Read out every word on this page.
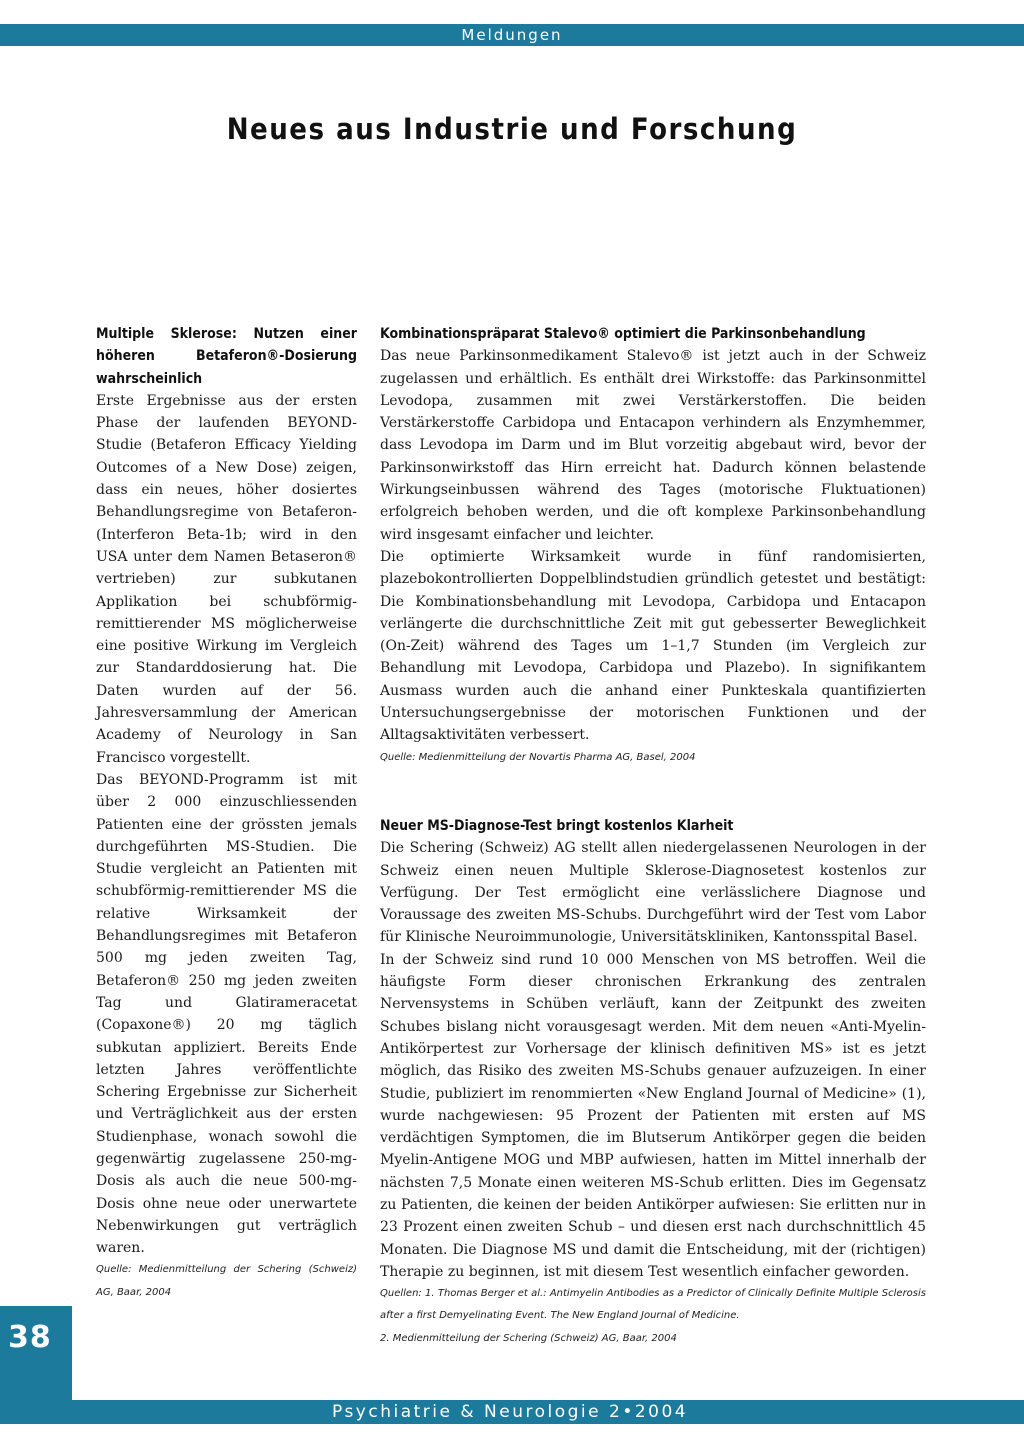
Meldungen
Neues aus Industrie und Forschung

Multiple Sklerose: Nutzen einer höheren Betaferon®-Dosierung wahrscheinlich

Erste Ergebnisse aus der ersten Phase der laufenden BEYOND-Studie (Betaferon Efficacy Yielding Outcomes of a New Dose) zeigen, dass ein neues, höher dosiertes Behandlungsregime von Betaferon-(Interferon Beta-1b; wird in den USA unter dem Namen Betaseron® vertrieben) zur subkutanen Applikation bei schubförmig-remittierender MS möglicherweise eine positive Wirkung im Vergleich zur Standarddosierung hat. Die Daten wurden auf der 56. Jahresversammlung der American Academy of Neurology in San Francisco vorgestellt.

Das BEYOND-Programm ist mit über 2 000 einzuschliessenden Patienten eine der grössten jemals durchgeführten MS-Studien. Die Studie vergleicht an Patienten mit schubförmig-remittierender MS die relative Wirksamkeit der Behandlungsregimes mit Betaferon 500 mg jeden zweiten Tag, Betaferon® 250 mg jeden zweiten Tag und Glatirameracetat (Copaxone®) 20 mg täglich subkutan appliziert. Bereits Ende letzten Jahres veröffentlichte Schering Ergebnisse zur Sicherheit und Verträglichkeit aus der ersten Studienphase, wonach sowohl die gegenwärtig zugelassene 250-mg-Dosis als auch die neue 500-mg-Dosis ohne neue oder unerwartete Nebenwirkungen gut verträglich waren.

Quelle: Medienmitteilung der Schering (Schweiz) AG, Baar, 2004

Kombinationspräparat Stalevo® optimiert die Parkinsonbehandlung

Das neue Parkinsonmedikament Stalevo® ist jetzt auch in der Schweiz zugelassen und erhältlich. Es enthält drei Wirkstoffe: das Parkinsonmittel Levodopa, zusammen mit zwei Verstärkerstoffen. Die beiden Verstärkerstoffe Carbidopa und Entacapon verhindern als Enzymhemmer, dass Levodopa im Darm und im Blut vorzeitig abgebaut wird, bevor der Parkinsonwirkstoff das Hirn erreicht hat. Dadurch können belastende Wirkungseinbussen während des Tages (motorische Fluktuationen) erfolgreich behoben werden, und die oft komplexe Parkinsonbehandlung wird insgesamt einfacher und leichter.

Die optimierte Wirksamkeit wurde in fünf randomisierten, plazebokontrollierten Doppelblindstudien gründlich getestet und bestätigt: Die Kombinationsbehandlung mit Levodopa, Carbidopa und Entacapon verlängerte die durchschnittliche Zeit mit gut gebesserter Beweglichkeit (On-Zeit) während des Tages um 1–1,7 Stunden (im Vergleich zur Behandlung mit Levodopa, Carbidopa und Plazebo). In signifikantem Ausmass wurden auch die anhand einer Punkteskala quantifizierten Untersuchungsergebnisse der motorischen Funktionen und der Alltagsaktivitäten verbessert.

Quelle: Medienmitteilung der Novartis Pharma AG, Basel, 2004

Neuer MS-Diagnose-Test bringt kostenlos Klarheit

Die Schering (Schweiz) AG stellt allen niedergelassenen Neurologen in der Schweiz einen neuen Multiple Sklerose-Diagnosetest kostenlos zur Verfügung. Der Test ermöglicht eine verlässlichere Diagnose und Voraussage des zweiten MS-Schubs. Durchgeführt wird der Test vom Labor für Klinische Neuroimmunologie, Universitätskliniken, Kantonsspital Basel.

In der Schweiz sind rund 10 000 Menschen von MS betroffen. Weil die häufigste Form dieser chronischen Erkrankung des zentralen Nervensystems in Schüben verläuft, kann der Zeitpunkt des zweiten Schubes bislang nicht vorausgesagt werden. Mit dem neuen «Anti-Myelin-Antikörpertest zur Vorhersage der klinisch definitiven MS» ist es jetzt möglich, das Risiko des zweiten MS-Schubs genauer aufzuzeigen. In einer Studie, publiziert im renommierten «New England Journal of Medicine» (1), wurde nachgewiesen: 95 Prozent der Patienten mit ersten auf MS verdächtigen Symptomen, die im Blutserum Antikörper gegen die beiden Myelin-Antigene MOG und MBP aufwiesen, hatten im Mittel innerhalb der nächsten 7,5 Monate einen weiteren MS-Schub erlitten. Dies im Gegensatz zu Patienten, die keinen der beiden Antikörper aufwiesen: Sie erlitten nur in 23 Prozent einen zweiten Schub – und diesen erst nach durchschnittlich 45 Monaten. Die Diagnose MS und damit die Entscheidung, mit der (richtigen) Therapie zu beginnen, ist mit diesem Test wesentlich einfacher geworden.

Quellen: 1. Thomas Berger et al.: Antimyelin Antibodies as a Predictor of Clinically Definite Multiple Sclerosis after a first Demyelinating Event. The New England Journal of Medicine.

2. Medienmitteilung der Schering (Schweiz) AG, Baar, 2004

38
Psychiatrie & Neurologie 2•2004
